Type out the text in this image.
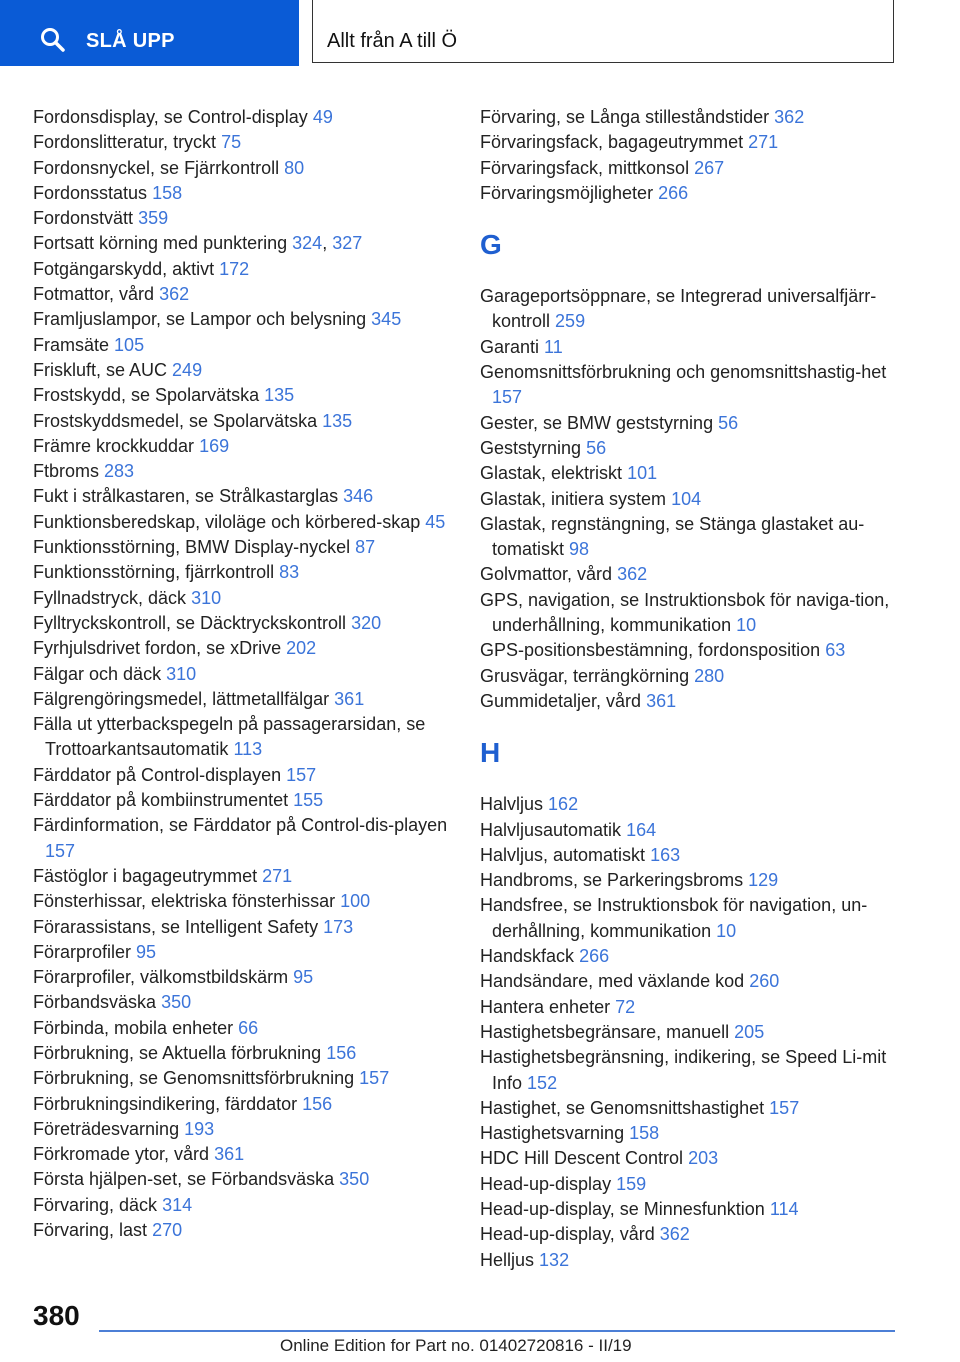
SLÅ UPP	Allt från A till Ö
Fordonsdisplay, se Control-display 49
Fordonslitteratur, tryckt 75
Fordonsnyckel, se Fjärrkontroll 80
Fordonsstatus 158
Fordonstvätt 359
Fortsatt körning med punktering 324, 327
Fotgängarskydd, aktivt 172
Fotmattor, vård 362
Framljuslampor, se Lampor och belysning 345
Framsäte 105
Friskluft, se AUC 249
Frostskydd, se Spolarvätska 135
Frostskyddsmedel, se Spolarvätska 135
Främre krockkuddar 169
Ftbroms 283
Fukt i strålkastaren, se Strålkastarglas 346
Funktionsberedskap, viloläge och körbered-skap 45
Funktionsstörning, BMW Display-nyckel 87
Funktionsstörning, fjärrkontroll 83
Fyllnadstryck, däck 310
Fylltryckskontroll, se Däcktryckskontroll 320
Fyrhjulsdrivet fordon, se xDrive 202
Fälgar och däck 310
Fälgrengöringsmedel, lättmetallfälgar 361
Fälla ut ytterbackspegeln på passagerarsidan, se Trottoarkantsautomatik 113
Färddator på Control-displayen 157
Färddator på kombiinstrumentet 155
Färdinformation, se Färddator på Control-dis-playen 157
Fästöglor i bagageutrymmet 271
Fönsterhissar, elektriska fönsterhissar 100
Förarassistans, se Intelligent Safety 173
Förarprofiler 95
Förarprofiler, välkomstbildskärm 95
Förbandsväska 350
Förbinda, mobila enheter 66
Förbrukning, se Aktuella förbrukning 156
Förbrukning, se Genomsnittsförbrukning 157
Förbrukningsindikering, färddator 156
Företrädesvarning 193
Förkromade ytor, vård 361
Första hjälpen-set, se Förbandsväska 350
Förvaring, däck 314
Förvaring, last 270
Förvaring, se Långa stilleståndstider 362
Förvaringsfack, bagageutrymmet 271
Förvaringsfack, mittkonsol 267
Förvaringsmöjligheter 266
G
Garageportsöppnare, se Integrerad universalfjärr-kontroll 259
Garanti 11
Genomsnittsförbrukning och genomsnittshastig-het 157
Gester, se BMW geststyrning 56
Geststyrning 56
Glastak, elektriskt 101
Glastak, initiera system 104
Glastak, regnstängning, se Stänga glastaket au-tomatiskt 98
Golvmattor, vård 362
GPS, navigation, se Instruktionsbok för naviga-tion, underhållning, kommunikation 10
GPS-positionsbestämning, fordonsposition 63
Grusvägar, terrängkörning 280
Gummidetaljer, vård 361
H
Halvljus 162
Halvljusautomatik 164
Halvljus, automatiskt 163
Handbroms, se Parkeringsbroms 129
Handsfree, se Instruktionsbok för navigation, un-derhållning, kommunikation 10
Handskfack 266
Handsändare, med växlande kod 260
Hantera enheter 72
Hastighetsbegränsare, manuell 205
Hastighetsbegränsning, indikering, se Speed Li-mit Info 152
Hastighet, se Genomsnittshastighet 157
Hastighetsvarning 158
HDC Hill Descent Control 203
Head-up-display 159
Head-up-display, se Minnesfunktion 114
Head-up-display, vård 362
Helljus 132
380
Online Edition for Part no. 01402720816 - II/19
